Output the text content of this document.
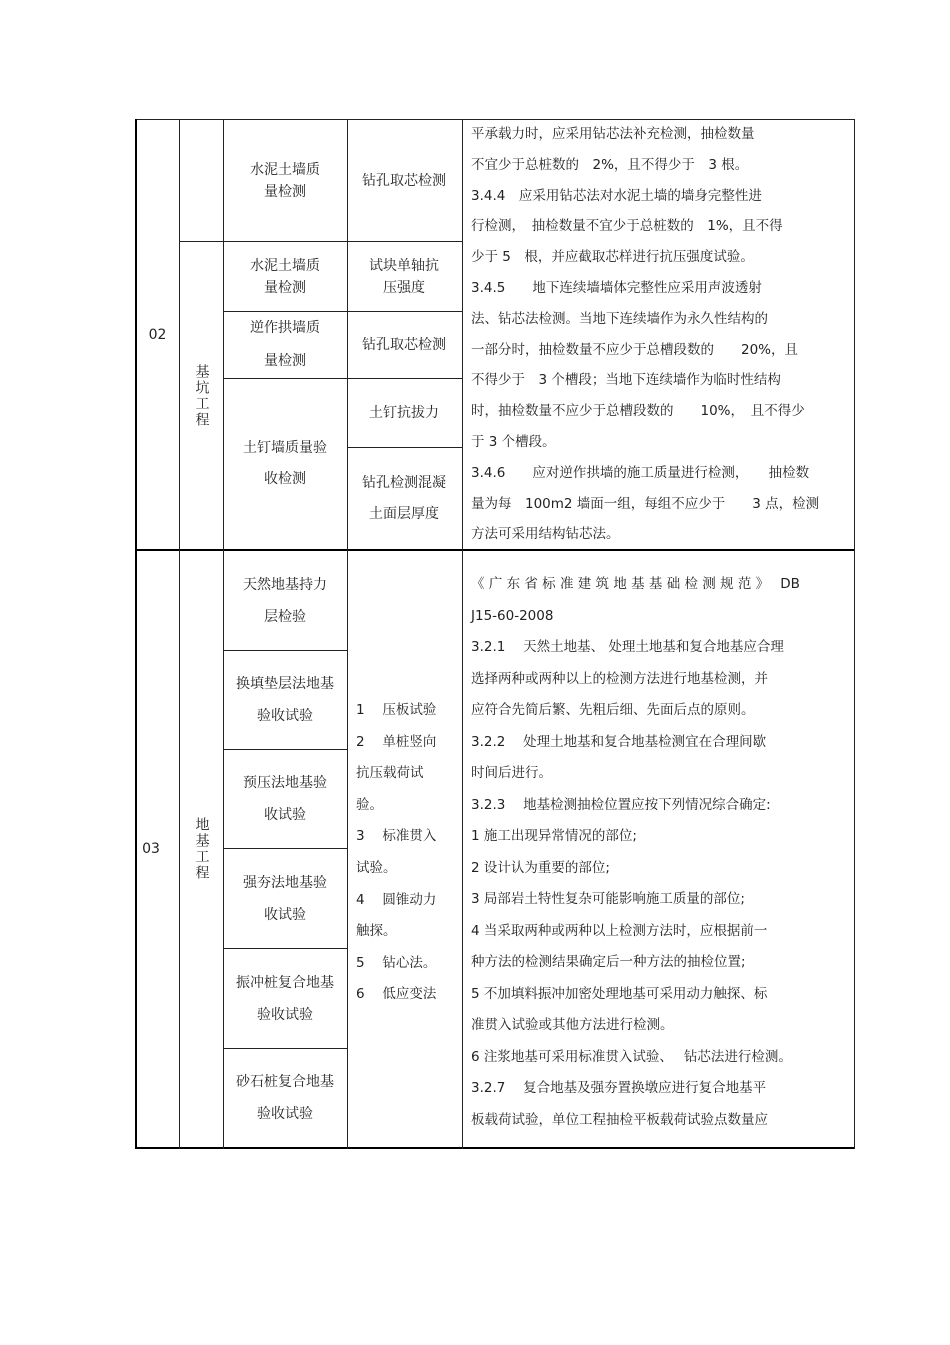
02
基坑工程
水泥土墙质量检测
钻孔取芯检测
水泥土墙质量检测
试块单轴抗压强度
逆作拱墙质量检测
钻孔取芯检测
土钉墙质量验收检测
土钉抗拔力
钻孔检测混凝土面层厚度
平承载力时，应采用钻芯法补充检测，抽检数量
不宜少于总桩数的　2%，且不得少于　3 根。
3.4.4　应采用钻芯法对水泥土墙的墙身完整性进
行检测，　抽检数量不宜少于总桩数的　1%，且不得
少于 5　根，并应截取芯样进行抗压强度试验。
3.4.5　　地下连续墙墙体完整性应采用声波透射
法、钻芯法检测。当地下连续墙作为永久性结构的
一部分时，抽检数量不应少于总槽段数的　　20%，且
不得少于　3 个槽段；当地下连续墙作为临时性结构
时，抽检数量不应少于总槽段数的　　10%，　且不得少
于 3 个槽段。
3.4.6　　应对逆作拱墙的施工质量进行检测，　　抽检数
量为每　100m2 墙面一组，每组不应少于　　3 点，检测
方法可采用结构钻芯法。
03	地基工程
天然地基持力层检验
换填垫层法地基验收试验
预压法地基验收试验
强夯法地基验收试验
振冲桩复合地基验收试验
砂石桩复合地基验收试验
1　 压板试验
2　 单桩竖向
抗压载荷试
验。
3　 标准贯入
试验。
4　 圆锥动力
触探。
5　 钻心法。
6　 低应变法
《 广 东 省 标 准 建 筑 地 基 基 础 检 测 规 范 》　 DB
J15-60-2008
3.2.1　 天然土地基、 处理土地基和复合地基应合理
选择两种或两种以上的检测方法进行地基检测，并
应符合先简后繁、先粗后细、先面后点的原则。
3.2.2　 处理土地基和复合地基检测宜在合理间歇
时间后进行。
3.2.3　 地基检测抽检位置应按下列情况综合确定:
1 施工出现异常情况的部位;
2 设计认为重要的部位;
3 局部岩土特性复杂可能影响施工质量的部位;
4 当采取两种或两种以上检测方法时，应根据前一
种方法的检测结果确定后一种方法的抽检位置;
5 不加填料振冲加密处理地基可采用动力触探、标
准贯入试验或其他方法进行检测。
6 注浆地基可采用标准贯入试验、　 钻芯法进行检测。
3.2.7　 复合地基及强夯置换墩应进行复合地基平
板载荷试验，单位工程抽检平板载荷试验点数量应
